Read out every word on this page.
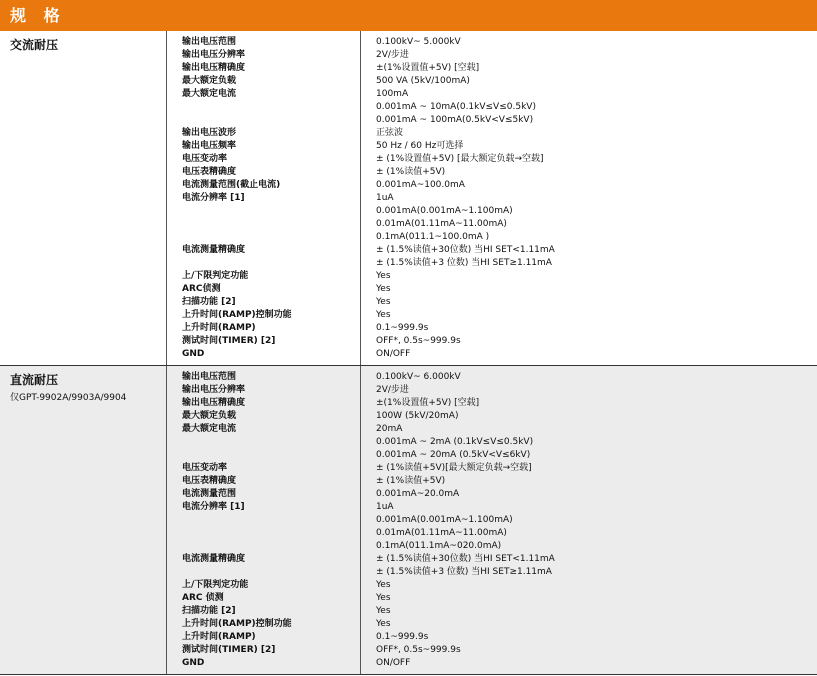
规 格
交流耐压	输出电压范围
输出电压分辨率
输出电压精确度
最大额定负载
最大额定电流
输出电压波形
输出电压频率
电压变动率
电压表精确度
电流测量范围(截止电流)
电流分辨率 [1]
电流测量精确度
上/下限判定功能
ARC侦测
扫描功能 [2]
上升时间(RAMP)控制功能
上升时间(RAMP)
测试时间(TIMER) [2]
GND
0.100kV~ 5.000kV
2V/步进
±(1%设置值+5V) [空载]
500 VA (5kV/100mA)
100mA
0.001mA ~ 10mA(0.1kV≤V≤0.5kV)
0.001mA ~ 100mA(0.5kV<V≤5kV)
正弦波
50 Hz / 60 Hz可选择
± (1%设置值+5V) [最大额定负载→空载]
± (1%读值+5V)
0.001mA~100.0mA
1uA
0.001mA(0.001mA~1.100mA)
0.01mA(01.11mA~11.00mA)
0.1mA(011.1~100.0mA )
± (1.5%读值+30位数) 当HI SET<1.11mA
± (1.5%读值+3 位数) 当HI SET≥1.11mA
Yes
Yes
Yes
Yes
0.1~999.9s
OFF*, 0.5s~999.9s
ON/OFF
直流耐压
仅GPT-9902A/9903A/9904
输出电压范围
输出电压分辨率
输出电压精确度
最大额定负载
最大额定电流
电压变动率
电压表精确度
电流测量范围
电流分辨率 [1]
电流测量精确度
上/下限判定功能
ARC 侦测
扫描功能 [2]
上升时间(RAMP)控制功能
上升时间(RAMP)
测试时间(TIMER) [2]
GND
0.100kV~ 6.000kV
2V/步进
±(1%设置值+5V) [空载]
100W (5kV/20mA)
20mA
0.001mA ~ 2mA (0.1kV≤V≤0.5kV)
0.001mA ~ 20mA (0.5kV<V≤6kV)
± (1%读值+5V)[最大额定负载→空载]
± (1%读值+5V)
0.001mA~20.0mA
1uA
0.001mA(0.001mA~1.100mA)
0.01mA(01.11mA~11.00mA)
0.1mA(011.1mA~020.0mA)
± (1.5%读值+30位数) 当HI SET<1.11mA
± (1.5%读值+3 位数) 当HI SET≥1.11mA
Yes
Yes
Yes
Yes
0.1~999.9s
OFF*, 0.5s~999.9s
ON/OFF
